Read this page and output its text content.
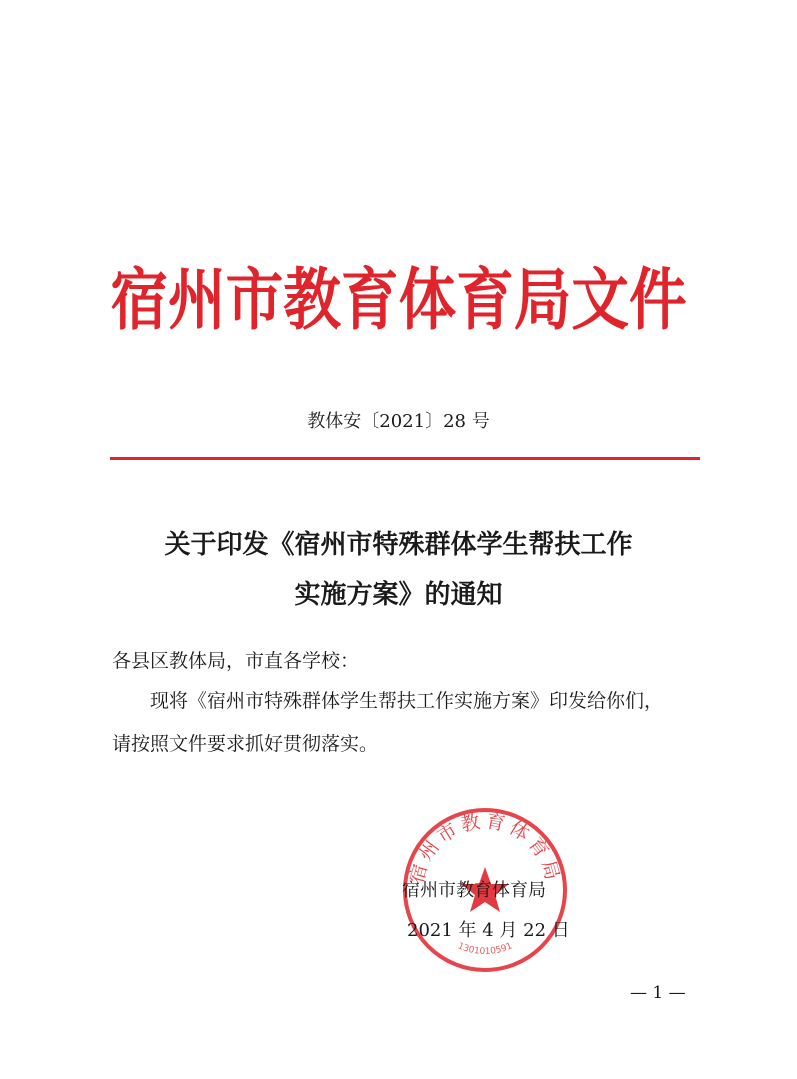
宿州市教育体育局文件
教体安〔2021〕28 号
关于印发《宿州市特殊群体学生帮扶工作
实施方案》的通知
各县区教体局，市直各学校：
现将《宿州市特殊群体学生帮扶工作实施方案》印发给你们，
请按照文件要求抓好贯彻落实。
宿州市教育体育局
1301010591
宿州市教育体育局
2021 年 4 月 22 日
— 1 —
